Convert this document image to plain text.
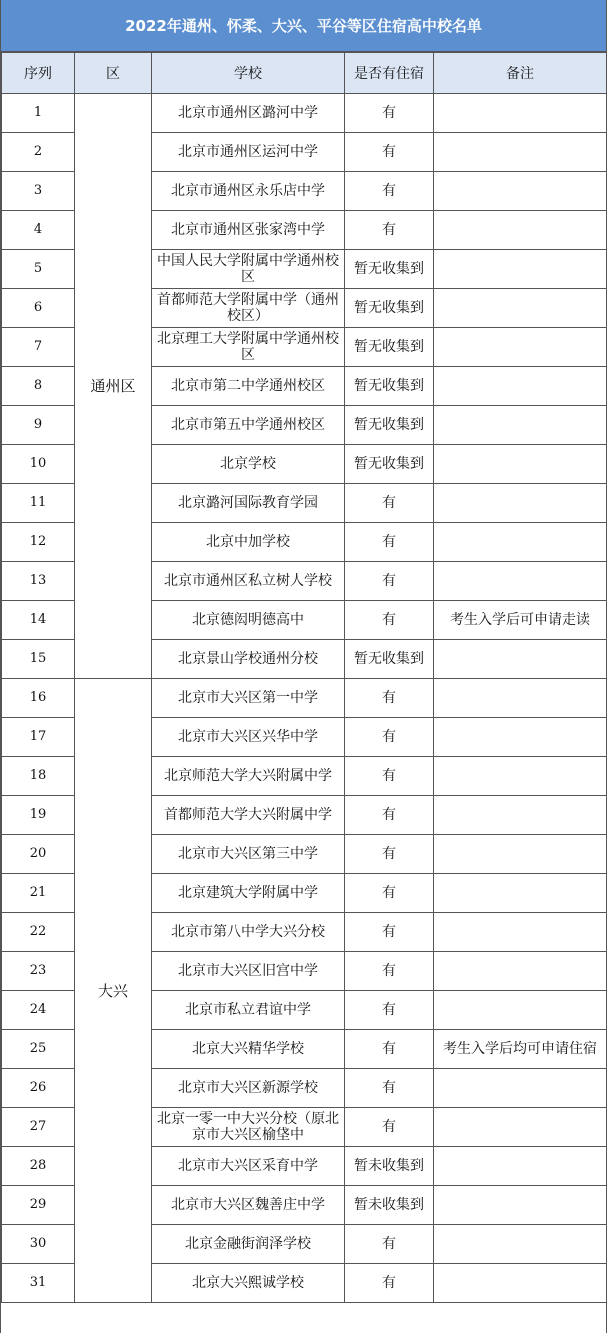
2022年通州、怀柔、大兴、平谷等区住宿高中校名单
序列	区	学校	是否有住宿	备注
1	通州区	北京市通州区潞河中学	有	
2		北京市通州区运河中学	有	
3		北京市通州区永乐店中学	有	
4		北京市通州区张家湾中学	有	
5		中国人民大学附属中学通州校区	暂无收集到	
6		首都师范大学附属中学（通州校区）	暂无收集到	
7		北京理工大学附属中学通州校区	暂无收集到	
8		北京市第二中学通州校区	暂无收集到	
9		北京市第五中学通州校区	暂无收集到	
10		北京学校	暂无收集到	
11		北京潞河国际教育学园	有	
12		北京中加学校	有	
13		北京市通州区私立树人学校	有	
14		北京德闳明德高中	有	考生入学后可申请走读
15		北京景山学校通州分校	暂无收集到	
16	大兴	北京市大兴区第一中学	有	
17		北京市大兴区兴华中学	有	
18		北京师范大学大兴附属中学	有	
19		首都师范大学大兴附属中学	有	
20		北京市大兴区第三中学	有	
21		北京建筑大学附属中学	有	
22		北京市第八中学大兴分校	有	
23		北京市大兴区旧宫中学	有	
24		北京市私立君谊中学	有	
25		北京大兴精华学校	有	考生入学后均可申请住宿
26		北京市大兴区新源学校	有	
27		北京一零一中大兴分校（原北京市大兴区榆垡中	有	
28		北京市大兴区采育中学	暂未收集到	
29		北京市大兴区魏善庄中学	暂未收集到	
30		北京金融街润泽学校	有	
31		北京大兴熙诚学校	有	
